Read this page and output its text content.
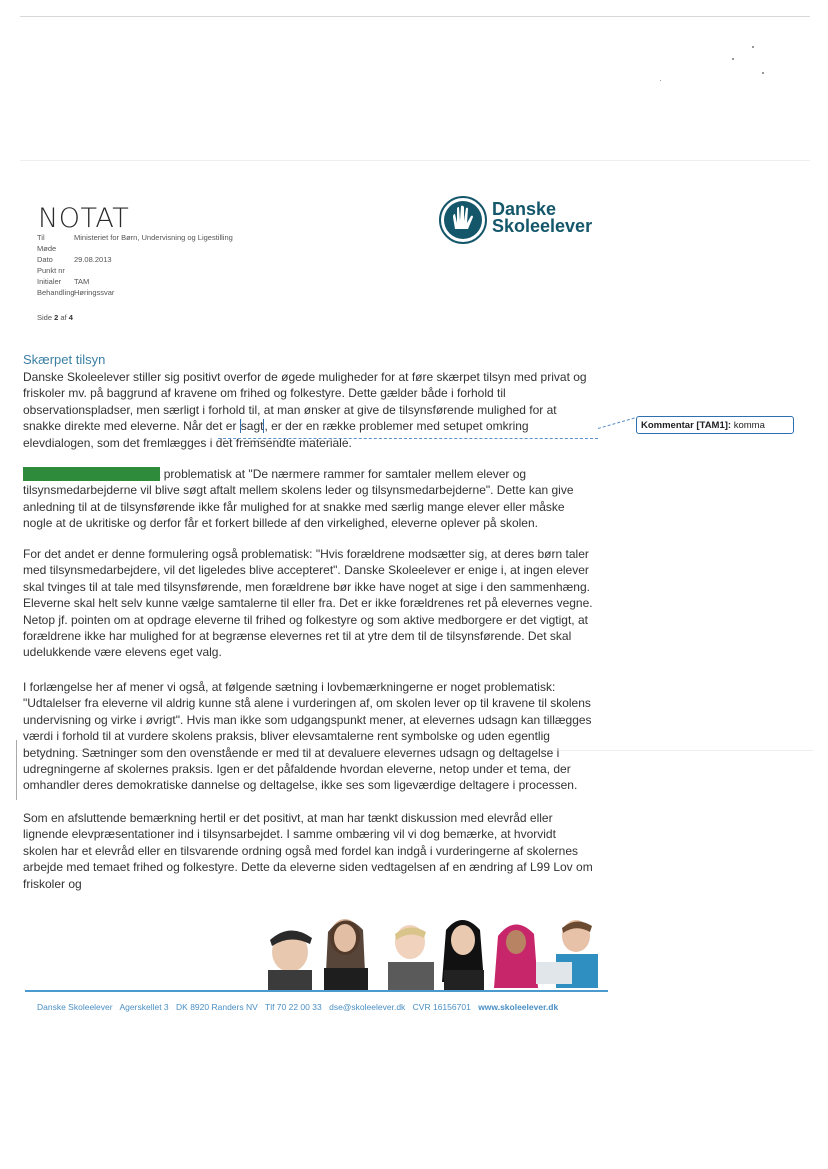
NOTAT
Til	Ministeriet for Børn, Undervisning og Ligestilling
Møde
Dato	29.08.2013
Punkt nr
Initialer TAM
BehandlingHøringssvar
Side 2 af 4
Danske
Skoleelever
Skærpet tilsyn

Danske Skoleelever stiller sig positivt overfor de øgede muligheder for at føre skærpet tilsyn med privat og friskoler mv. på baggrund af kravene om frihed og folkestyre. Dette gælder både i forhold til observationspladser, men særligt i forhold til, at man ønsker at give de tilsynsførende mulighed for at snakke direkte med eleverne. Når det er sagt, er der en række problemer med setupet omkring elevdialogen, som det fremlægges i det fremsendte materiale.

Kommentar [TAM1]: komma

For det første finder vi det problematisk at "De nærmere rammer for samtaler mellem elever og tilsynsmedarbejderne vil blive søgt aftalt mellem skolens leder og tilsynsmedarbejderne". Dette kan give anledning til at de tilsynsførende ikke får mulighed for at snakke med særlig mange elever eller måske nogle at de ukritiske og derfor får et forkert billede af den virkelighed, eleverne oplever på skolen.

For det andet er denne formulering også problematisk: "Hvis forældrene modsætter sig, at deres børn taler med tilsynsmedarbejdere, vil det ligeledes blive accepteret". Danske Skoleelever er enige i, at ingen elever skal tvinges til at tale med tilsynsførende, men forældrene bør ikke have noget at sige i den sammenhæng. Eleverne skal helt selv kunne vælge samtalerne til eller fra. Det er ikke forældrenes ret på elevernes vegne. Netop jf. pointen om at opdrage eleverne til frihed og folkestyre og som aktive medborgere er det vigtigt, at forældrene ikke har mulighed for at begrænse elevernes ret til at ytre dem til de tilsynsførende. Det skal udelukkende være elevens eget valg.

I forlængelse her af mener vi også, at følgende sætning i lovbemærkningerne er noget problematisk: "Udtalelser fra eleverne vil aldrig kunne stå alene i vurderingen af, om skolen lever op til kravene til skolens undervisning og virke i øvrigt". Hvis man ikke som udgangspunkt mener, at elevernes udsagn kan tillægges værdi i forhold til at vurdere skolens praksis, bliver elevsamtalerne rent symbolske og uden egentlig betydning. Sætninger som den ovenstående er med til at devaluere elevernes udsagn og deltagelse i udregningerne af skolernes praksis. Igen er det påfaldende hvordan eleverne, netop under et tema, der omhandler deres demokratiske dannelse og deltagelse, ikke ses som ligeværdige deltagere i processen.

Som en afsluttende bemærkning hertil er det positivt, at man har tænkt diskussion med elevråd eller lignende elevpræsentationer ind i tilsynsarbejdet. I samme ombæring vil vi dog bemærke, at hvorvidt skolen har et elevråd eller en tilsvarende ordning også med fordel kan indgå i vurderingerne af skolernes arbejde med temaet frihed og folkestyre. Dette da eleverne siden vedtagelsen af en ændring af L99 Lov om friskoler og

Danske Skoleelever Agerskellet 3 DK 8920 Randers NV Tlf 70 22 00 33 dse@skoleelever.dk CVR 16156701 www.skoleelever.dk
